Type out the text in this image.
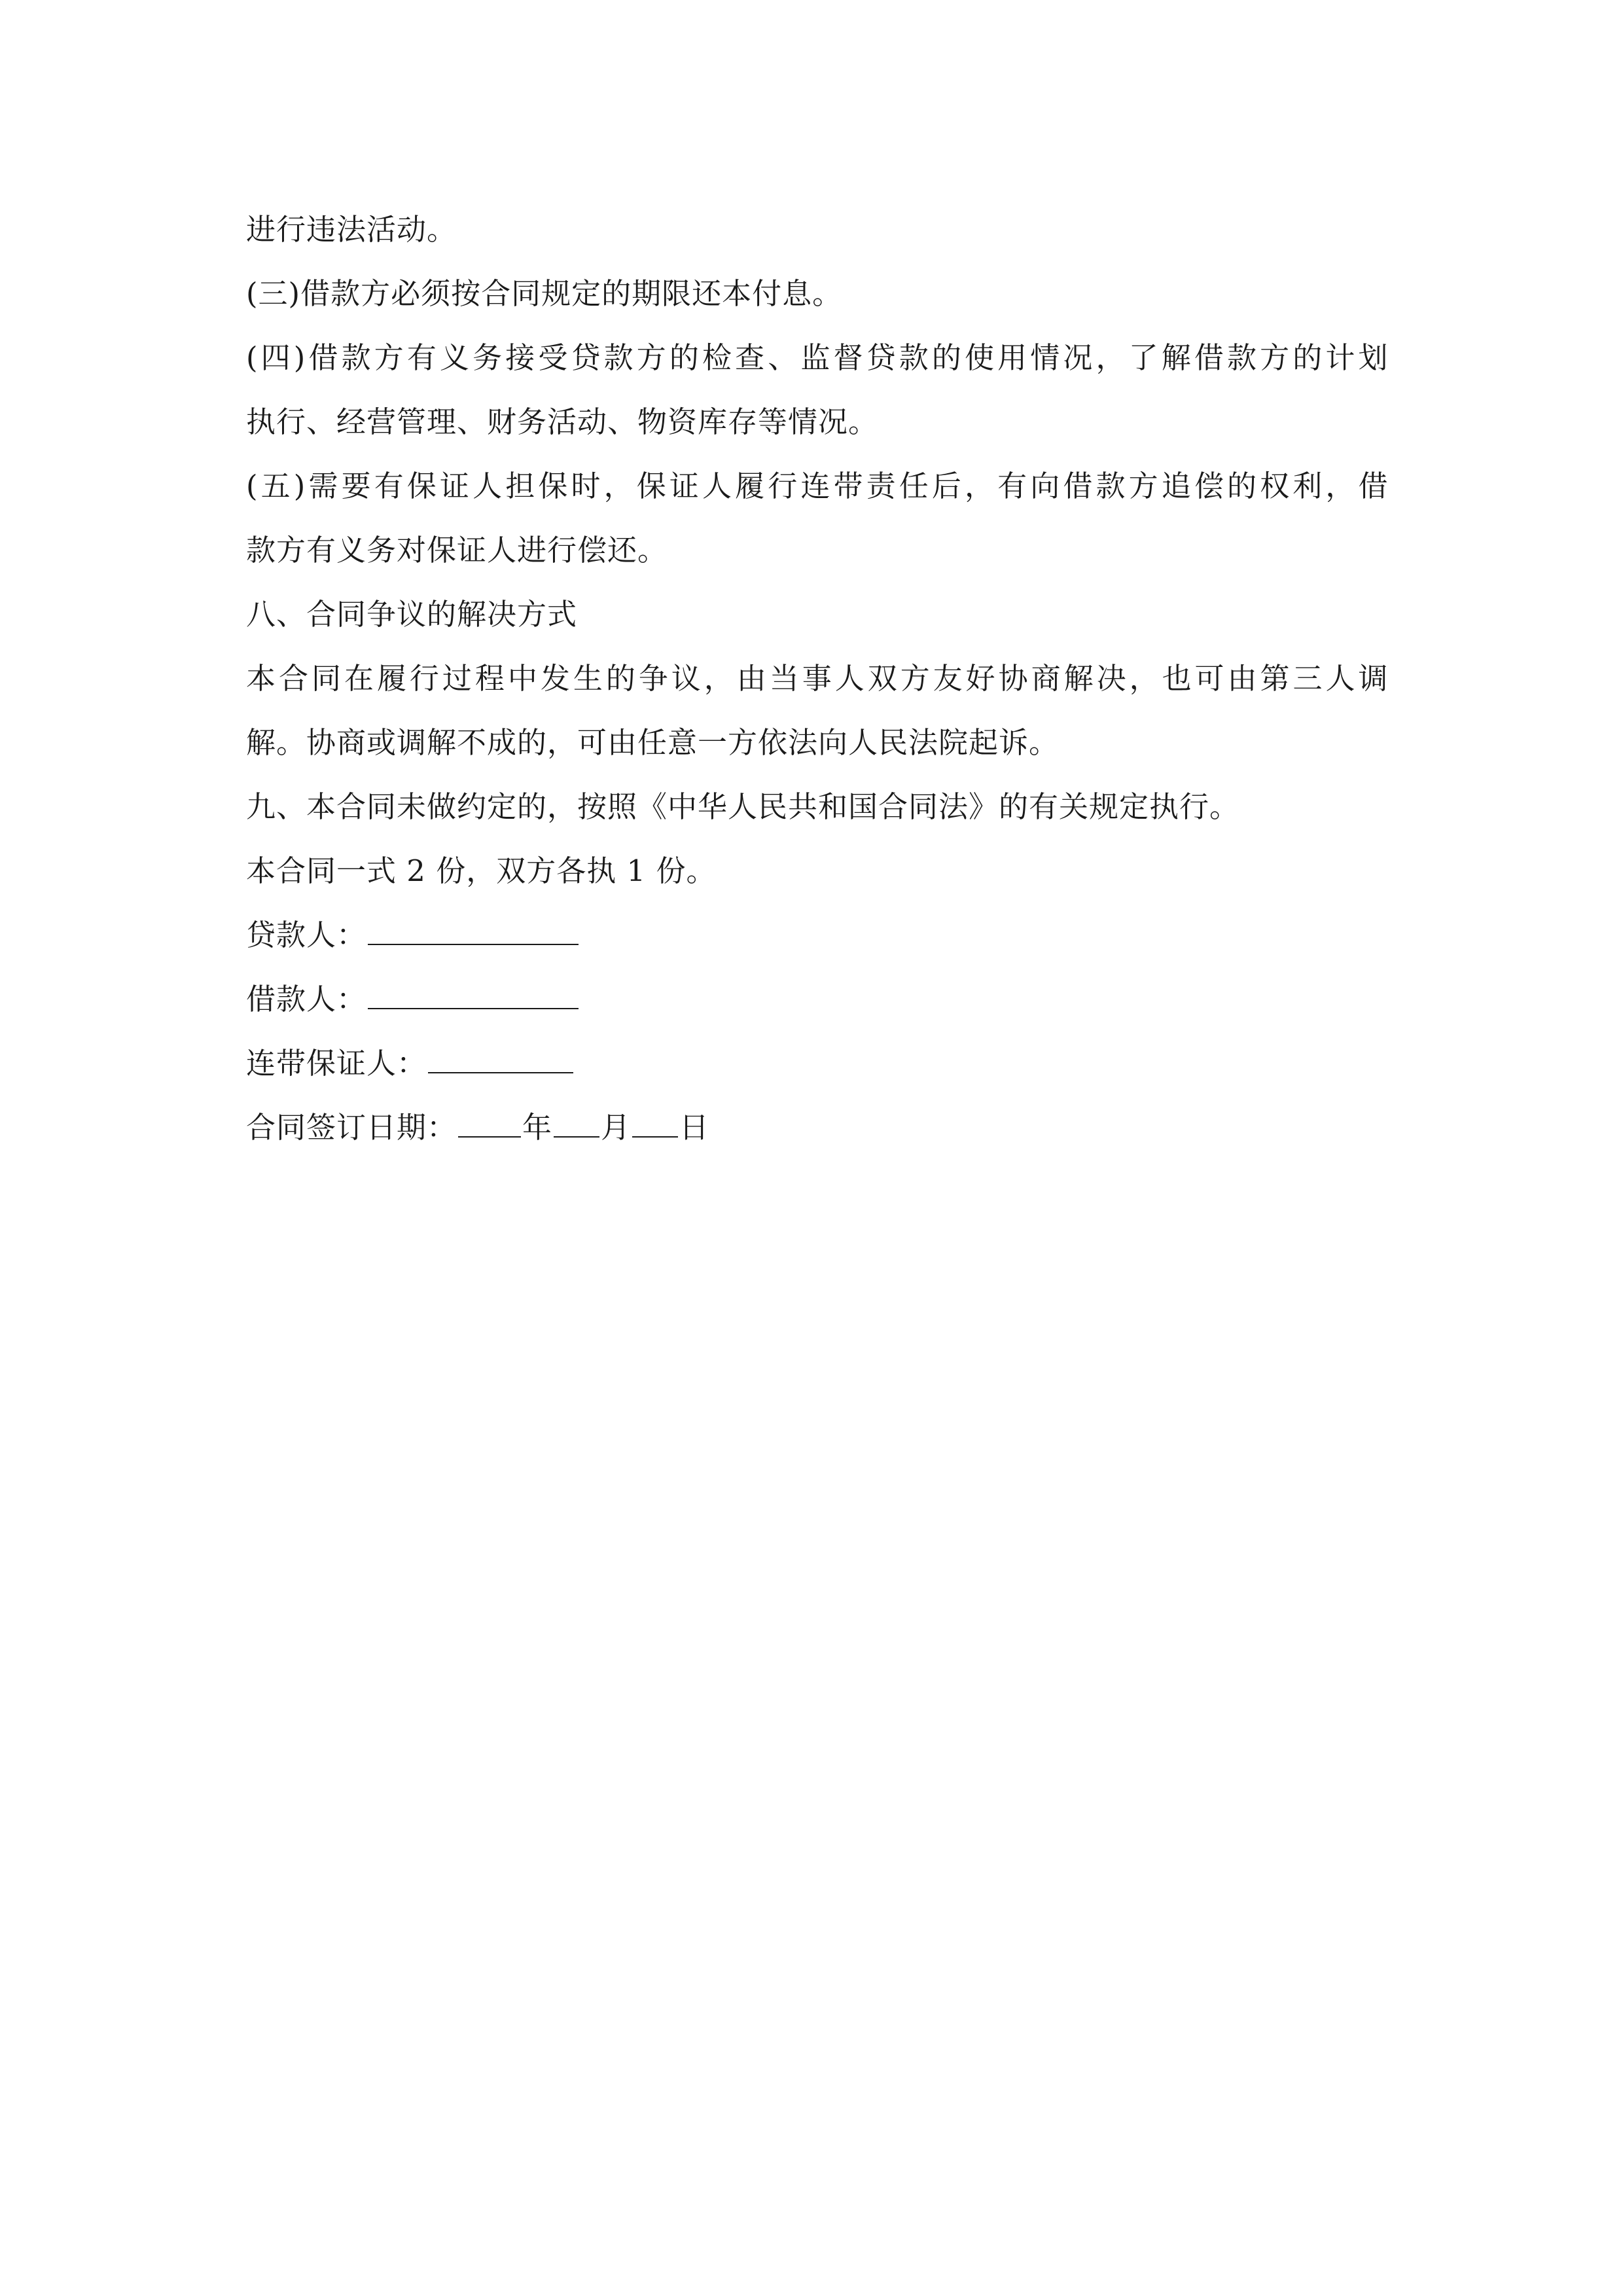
进行违法活动。
(三)借款方必须按合同规定的期限还本付息。
( 四 ) 借 款 方 有 义 务 接 受 贷 款 方 的 检 查 、 监 督 贷 款 的 使 用 情 况 ， 了 解 借 款 方 的 计 划
执行、经营管理、财务活动、物资库存等情况。
( 五 ) 需 要 有 保 证 人 担 保 时 ， 保 证 人 履 行 连 带 责 任 后 ， 有 向 借 款 方 追 偿 的 权 利 ， 借
款方有义务对保证人进行偿还。
八、合同争议的解决方式
本 合 同 在 履 行 过 程 中 发 生 的 争 议 ， 由 当 事 人 双 方 友 好 协 商 解 决 ， 也 可 由 第 三 人 调
解。协商或调解不成的，可由任意一方依法向人民法院起诉。
九、本合同未做约定的，按照《中华人民共和国合同法》的有关规定执行。
本合同一式 2 份，双方各执 1 份。
贷款人：
借款人：
连带保证人：
合同签订日期： 年 月 日
